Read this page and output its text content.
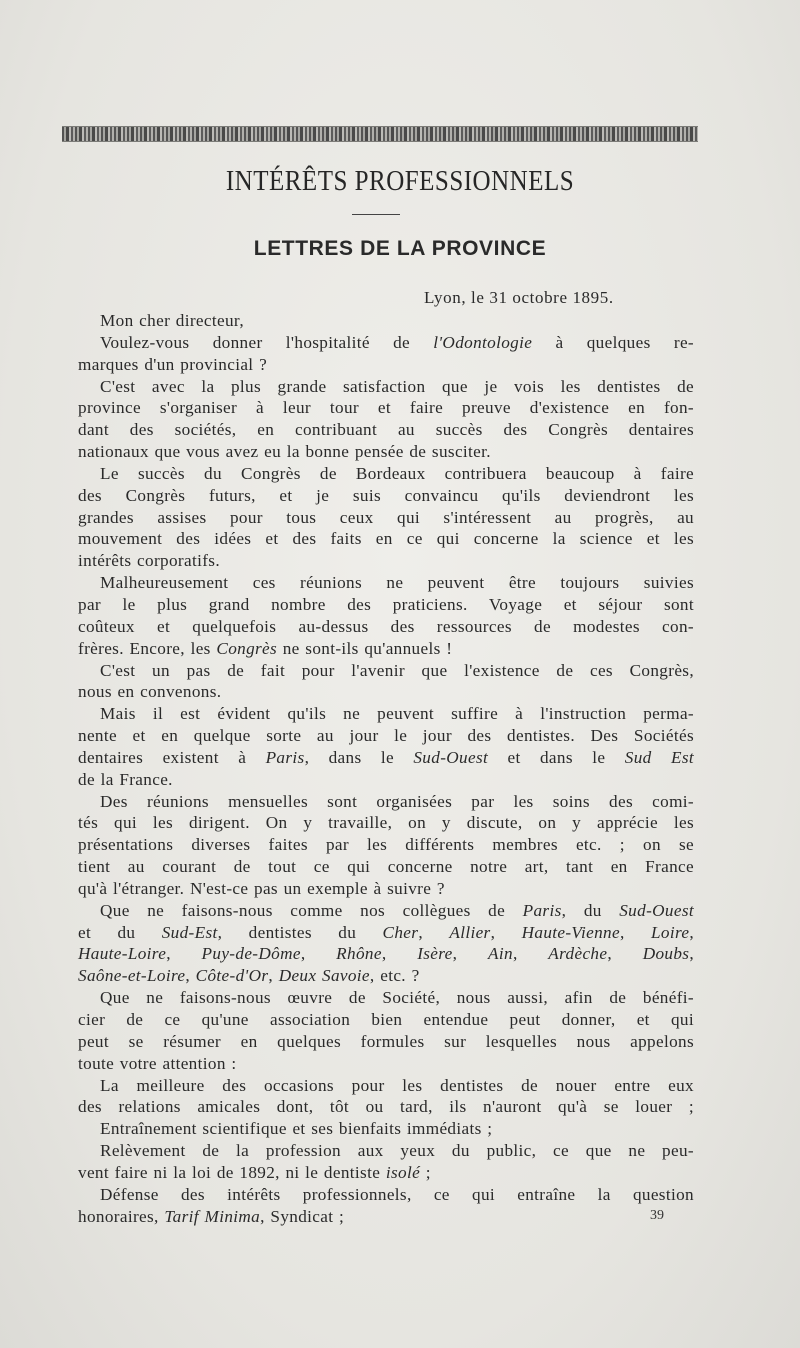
INTÉRÊTS PROFESSIONNELS
LETTRES DE LA PROVINCE
Lyon, le 31 octobre 1895.
Mon cher directeur,
Voulez-vous donner l'hospitalité de l'Odontologie à quelques re-
marques d'un provincial ?
C'est avec la plus grande satisfaction que je vois les dentistes de
province s'organiser à leur tour et faire preuve d'existence en fon-
dant des sociétés, en contribuant au succès des Congrès dentaires
nationaux que vous avez eu la bonne pensée de susciter.
Le succès du Congrès de Bordeaux contribuera beaucoup à faire
des Congrès futurs, et je suis convaincu qu'ils deviendront les
grandes assises pour tous ceux qui s'intéressent au progrès, au
mouvement des idées et des faits en ce qui concerne la science et les
intérêts corporatifs.
Malheureusement ces réunions ne peuvent être toujours suivies
par le plus grand nombre des praticiens. Voyage et séjour sont
coûteux et quelquefois au-dessus des ressources de modestes con-
frères. Encore, les Congrès ne sont-ils qu'annuels !
C'est un pas de fait pour l'avenir que l'existence de ces Congrès,
nous en convenons.
Mais il est évident qu'ils ne peuvent suffire à l'instruction perma-
nente et en quelque sorte au jour le jour des dentistes. Des Sociétés
dentaires existent à Paris, dans le Sud-Ouest et dans le Sud Est
de la France.
Des réunions mensuelles sont organisées par les soins des comi-
tés qui les dirigent. On y travaille, on y discute, on y apprécie les
présentations diverses faites par les différents membres etc. ; on se
tient au courant de tout ce qui concerne notre art, tant en France
qu'à l'étranger. N'est-ce pas un exemple à suivre ?
Que ne faisons-nous comme nos collègues de Paris, du Sud-Ouest
et du Sud-Est, dentistes du Cher, Allier, Haute-Vienne, Loire,
Haute-Loire, Puy-de-Dôme, Rhône, Isère, Ain, Ardèche, Doubs,
Saône-et-Loire, Côte-d'Or, Deux Savoie, etc. ?
Que ne faisons-nous œuvre de Société, nous aussi, afin de bénéfi-
cier de ce qu'une association bien entendue peut donner, et qui
peut se résumer en quelques formules sur lesquelles nous appelons
toute votre attention :
La meilleure des occasions pour les dentistes de nouer entre eux
des relations amicales dont, tôt ou tard, ils n'auront qu'à se louer ;
Entraînement scientifique et ses bienfaits immédiats ;
Relèvement de la profession aux yeux du public, ce que ne peu-
vent faire ni la loi de 1892, ni le dentiste isolé ;
Défense des intérêts professionnels, ce qui entraîne la question
honoraires, Tarif Minima, Syndicat ;	39
